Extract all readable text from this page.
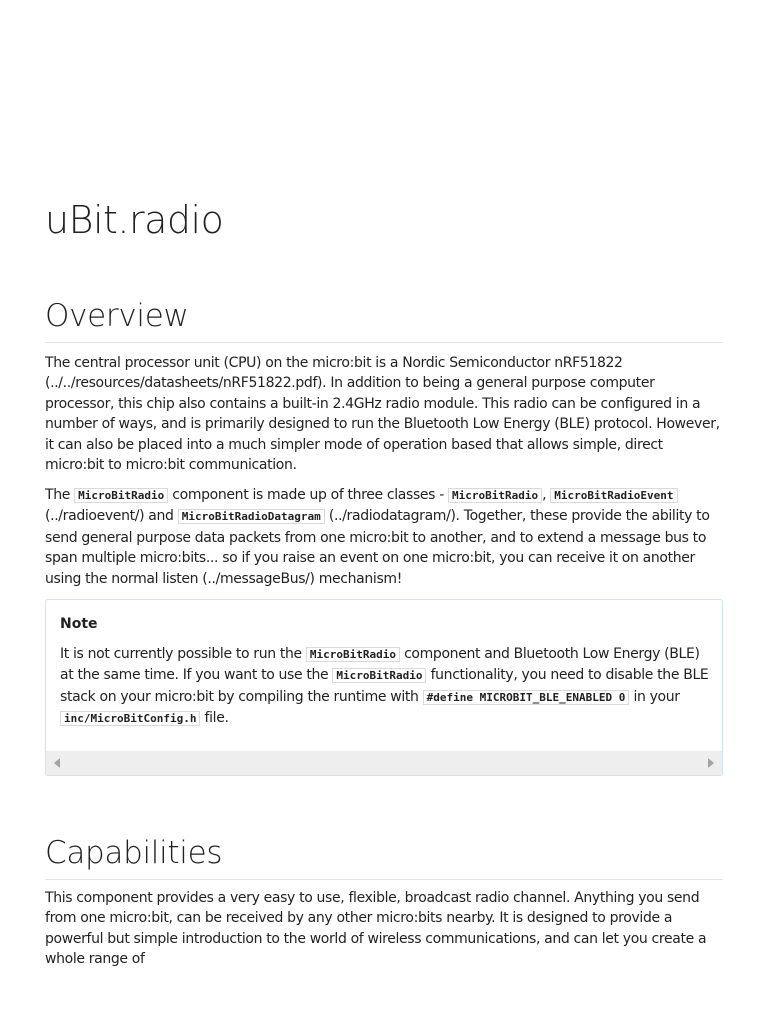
uBit.radio
Overview

The central processor unit (CPU) on the micro:bit is a Nordic Semiconductor nRF51822 (../../resources/datasheets/nRF51822.pdf). In addition to being a general purpose computer processor, this chip also contains a built-in 2.4GHz radio module. This radio can be configured in a number of ways, and is primarily designed to run the Bluetooth Low Energy (BLE) protocol. However, it can also be placed into a much simpler mode of operation based that allows simple, direct micro:bit to micro:bit communication.

The MicroBitRadio component is made up of three classes - MicroBitRadio , MicroBitRadioEvent (../radioevent/) and MicroBitRadioDatagram (../radiodatagram/). Together, these provide the ability to send general purpose data packets from one micro:bit to another, and to extend a message bus to span multiple micro:bits... so if you raise an event on one micro:bit, you can receive it on another using the normal listen (../messageBus/) mechanism!

Note

It is not currently possible to run the MicroBitRadio component and Bluetooth Low Energy (BLE) at the same time. If you want to use the MicroBitRadio functionality, you need to disable the BLE stack on your micro:bit by compiling the runtime with #define MICROBIT_BLE_ENABLED 0 in your inc/MicroBitConfig.h file.

Capabilities

This component provides a very easy to use, flexible, broadcast radio channel. Anything you send from one micro:bit, can be received by any other micro:bits nearby. It is designed to provide a powerful but simple introduction to the world of wireless communications, and can let you create a whole range of
